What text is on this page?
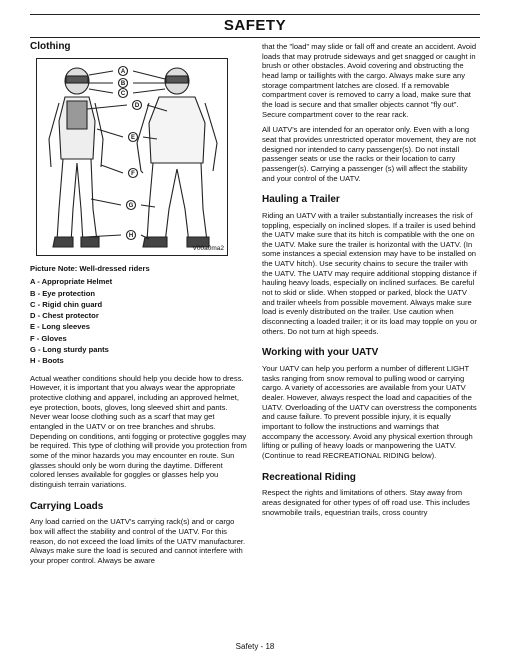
SAFETY
Clothing
A
B
C
D
E
F
G
H
V00a0ma2
Picture Note: Well-dressed riders
A - Appropriate Helmet
B - Eye protection
C - Rigid chin guard
D - Chest protector
E - Long sleeves
F - Gloves
G - Long sturdy pants
H - Boots

Actual weather conditions should help you decide how to dress. However, it is important that you always wear the appropriate protective clothing and apparel, including an approved helmet, eye protection, boots, gloves, long sleeved shirt and pants. Never wear loose clothing such as a scarf that may get entangled in the UATV or on tree branches and shrubs. Depending on conditions, anti fogging or protective goggles may be required. This type of clothing will provide you protection from some of the minor hazards you may encounter en route. Sun glasses should only be worn during the daytime. Different colored lenses available for goggles or glasses help you distinguish terrain variations.

Carrying Loads

Any load carried on the UATV's carrying rack(s) and or cargo box will affect the stability and control of the UATV. For this reason, do not exceed the load limits of the UATV manufacturer. Always make sure the load is secured and cannot interfere with your proper control. Always be aware

that the "load" may slide or fall off and create an accident. Avoid loads that may protrude sideways and get snagged or caught in brush or other obstacles. Avoid covering and obstructing the head lamp or taillights with the cargo. Always make sure any storage compartment latches are closed. If a removable compartment cover is removed to carry a load, make sure that the load is secure and that smaller objects cannot "fly out". Secure compartment cover to the rear rack.

All UATV's are intended for an operator only. Even with a long seat that provides unrestricted operator movement, they are not designed nor intended to carry passenger(s). Do not install passenger seats or use the racks or their location to carry passenger(s). Carrying a passenger (s) will affect the stability and your control of the UATV.

Hauling a Trailer

Riding an UATV with a trailer substantially increases the risk of toppling, especially on inclined slopes. If a trailer is used behind the UATV make sure that its hitch is compatible with the one on the UATV. Make sure the trailer is horizontal with the UATV. (In some instances a special extension may have to be installed on the UATV hitch). Use security chains to secure the trailer with the UATV. The UATV may require additional stopping distance if hauling heavy loads, especially on inclined surfaces. Be careful not to skid or slide. When stopped or parked, block the UATV and trailer wheels from possible movement. Always make sure load is evenly distributed on the trailer. Use caution when disconnecting a loaded trailer; it or its load may topple on you or others. Do not turn at high speeds.

Working with your UATV

Your UATV can help you perform a number of different LIGHT tasks ranging from snow removal to pulling wood or carrying cargo. A variety of accessories are available from your UATV dealer. However, always respect the load and capacities of the UATV. Overloading of the UATV can overstress the components and cause failure. To prevent possible injury, it is equally important to follow the instructions and warnings that accompany the accessory. Avoid any physical exertion through lifting or pulling of heavy loads or manpowering the UATV. (Continue to read RECREATIONAL RIDING below).

Recreational Riding

Respect the rights and limitations of others. Stay away from areas designated for other types of off road use. This includes snowmobile trails, equestrian trails, cross country

Safety - 18
